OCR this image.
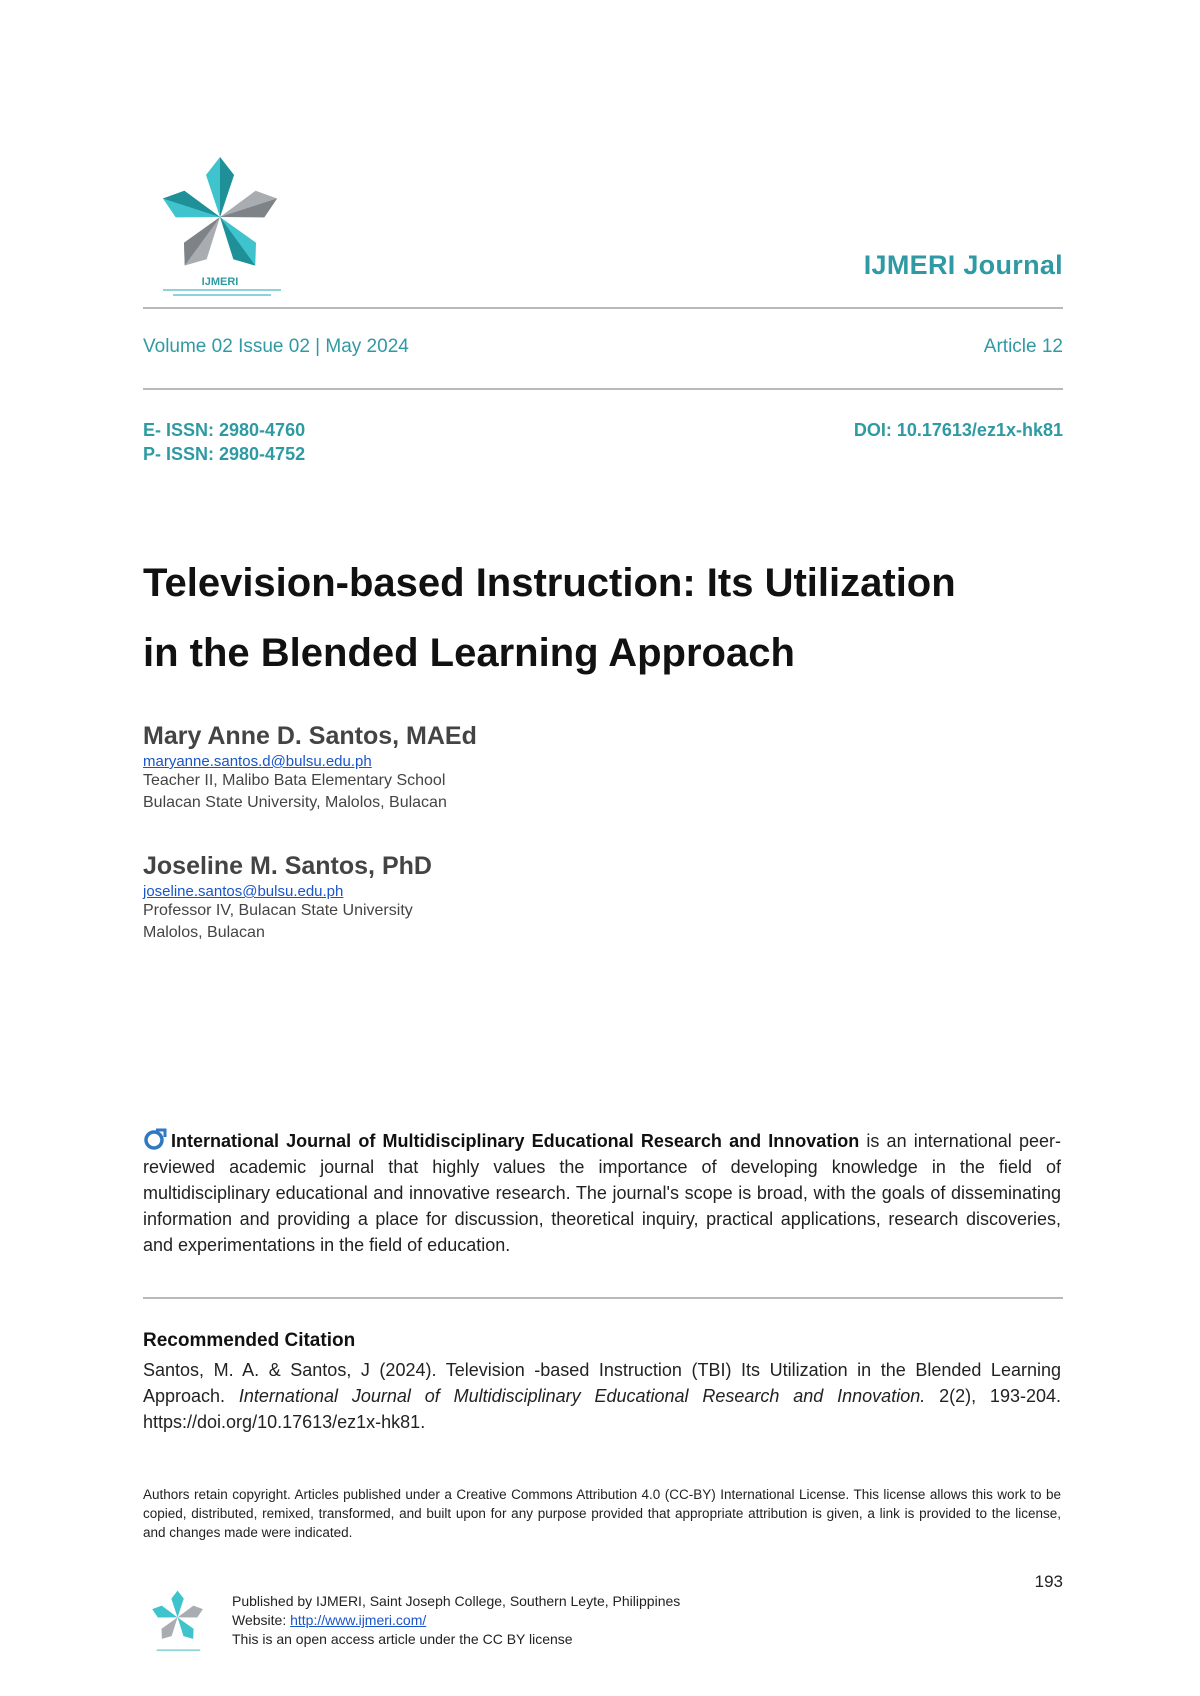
IJMERI
IJMERI Journal
Volume 02 Issue 02 | May 2024	Article 12
E- ISSN: 2980-4760
P- ISSN: 2980-4752
DOI: 10.17613/ez1x-hk81
Television-based Instruction: Its Utilization
in the Blended Learning Approach
Mary Anne D. Santos, MAEd
maryanne.santos.d@bulsu.edu.ph
Teacher II, Malibo Bata Elementary School
Bulacan State University, Malolos, Bulacan
Joseline M. Santos, PhD
joseline.santos@bulsu.edu.ph
Professor IV, Bulacan State University
Malolos, Bulacan
International Journal of Multidisciplinary Educational Research and Innovation is an international peer-reviewed academic journal that highly values the importance of developing knowledge in the field of multidisciplinary educational and innovative research. The journal's scope is broad, with the goals of disseminating information and providing a place for discussion, theoretical inquiry, practical applications, research discoveries, and experimentations in the field of education.
Recommended Citation
Santos, M. A. & Santos, J (2024). Television -based Instruction (TBI) Its Utilization in the Blended Learning Approach. International Journal of Multidisciplinary Educational Research and Innovation. 2(2), 193-204. https://doi.org/10.17613/ez1x-hk81.
Authors retain copyright. Articles published under a Creative Commons Attribution 4.0 (CC-BY) International License. This license allows this work to be copied, distributed, remixed, transformed, and built upon for any purpose provided that appropriate attribution is given, a link is provided to the license, and changes made were indicated.
193
Published by IJMERI, Saint Joseph College, Southern Leyte, Philippines
Website: http://www.ijmeri.com/
This is an open access article under the CC BY license
